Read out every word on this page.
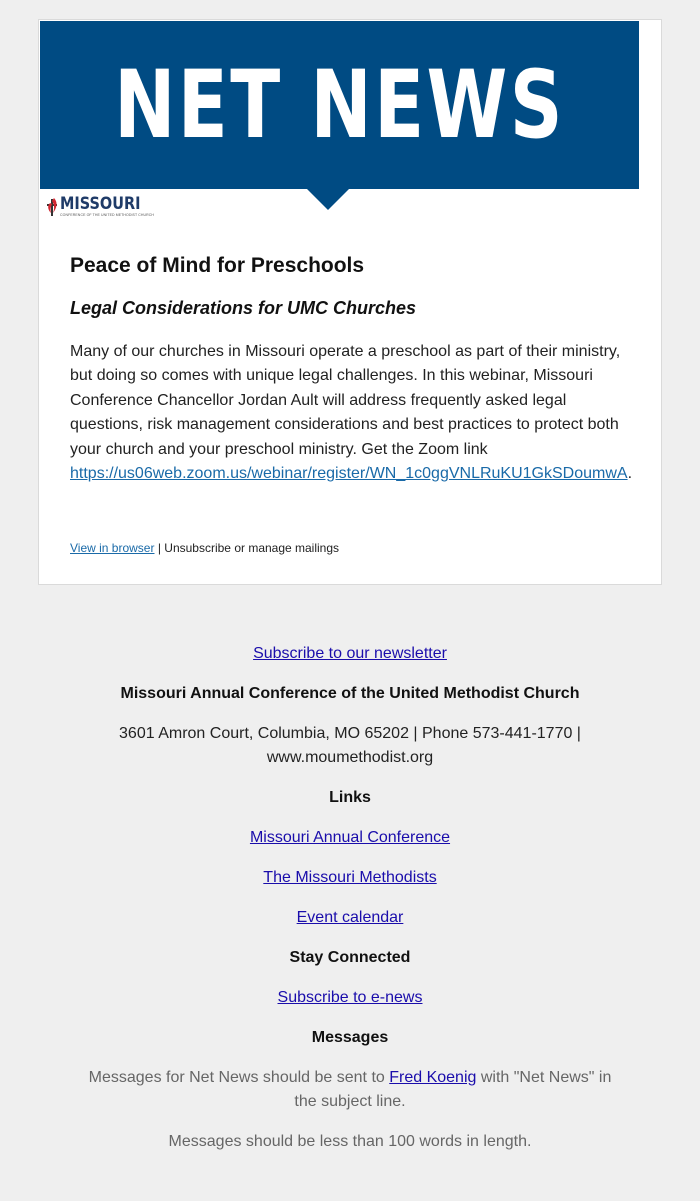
NET NEWS
MISSOURI
CONFERENCE OF THE UNITED METHODIST CHURCH
Peace of Mind for Preschools
Legal Considerations for UMC Churches
Many of our churches in Missouri operate a preschool as part of their ministry, but doing so comes with unique legal challenges. In this webinar, Missouri Conference Chancellor Jordan Ault will address frequently asked legal questions, risk management considerations and best practices to protect both your church and your preschool ministry. Get the Zoom link https://us06web.zoom.us/webinar/register/WN_1c0ggVNLRuKU1GkSDoumwA.
View in browser | Unsubscribe or manage mailings
Subscribe to our newsletter
Missouri Annual Conference of the United Methodist Church
3601 Amron Court, Columbia, MO 65202 | Phone 573-441-1770 |
www.moumethodist.org
Links
Missouri Annual Conference
The Missouri Methodists
Event calendar
Stay Connected
Subscribe to e-news
Messages
Messages for Net News should be sent to Fred Koenig with "Net News" in
the subject line.
Messages should be less than 100 words in length.
